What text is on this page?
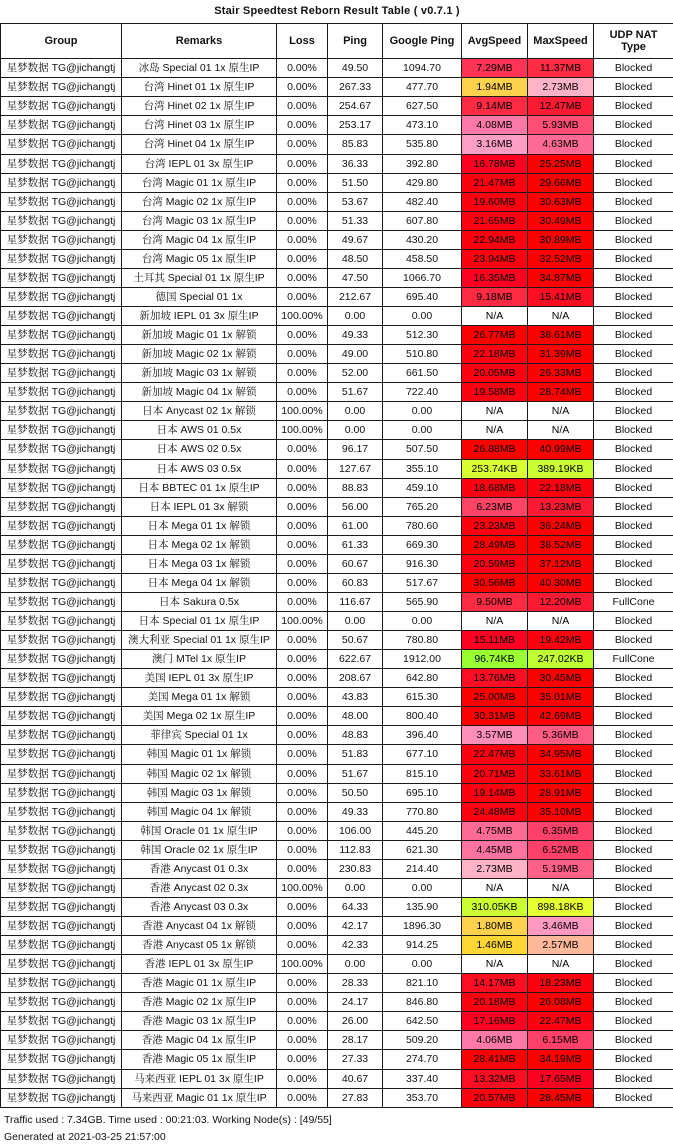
Stair Speedtest Reborn Result Table ( v0.7.1 )
Group	Remarks	Loss	Ping	Google Ping	AvgSpeed	MaxSpeed	UDP NAT Type
星梦数据 TG@jichangtj	冰岛 Special 01 1x 原生IP	0.00%	49.50	1094.70	7.29MB	11.37MB	Blocked
星梦数据 TG@jichangtj	台湾 Hinet 01 1x 原生IP	0.00%	267.33	477.70	1.94MB	2.73MB	Blocked
星梦数据 TG@jichangtj	台湾 Hinet 02 1x 原生IP	0.00%	254.67	627.50	9.14MB	12.47MB	Blocked
星梦数据 TG@jichangtj	台湾 Hinet 03 1x 原生IP	0.00%	253.17	473.10	4.08MB	5.93MB	Blocked
星梦数据 TG@jichangtj	台湾 Hinet 04 1x 原生IP	0.00%	85.83	535.80	3.16MB	4.63MB	Blocked
星梦数据 TG@jichangtj	台湾 IEPL 01 3x 原生IP	0.00%	36.33	392.80	16.78MB	25.25MB	Blocked
星梦数据 TG@jichangtj	台湾 Magic 01 1x 原生IP	0.00%	51.50	429.80	21.47MB	29.66MB	Blocked
星梦数据 TG@jichangtj	台湾 Magic 02 1x 原生IP	0.00%	53.67	482.40	19.60MB	30.63MB	Blocked
星梦数据 TG@jichangtj	台湾 Magic 03 1x 原生IP	0.00%	51.33	607.80	21.65MB	30.49MB	Blocked
星梦数据 TG@jichangtj	台湾 Magic 04 1x 原生IP	0.00%	49.67	430.20	22.94MB	30.89MB	Blocked
星梦数据 TG@jichangtj	台湾 Magic 05 1x 原生IP	0.00%	48.50	458.50	23.94MB	32.52MB	Blocked
星梦数据 TG@jichangtj	土耳其 Special 01 1x 原生IP	0.00%	47.50	1066.70	16.35MB	34.87MB	Blocked
星梦数据 TG@jichangtj	德国 Special 01 1x	0.00%	212.67	695.40	9.18MB	15.41MB	Blocked
星梦数据 TG@jichangtj	新加坡 IEPL 01 3x 原生IP	100.00%	0.00	0.00	N/A	N/A	Blocked
星梦数据 TG@jichangtj	新加坡 Magic 01 1x 解锁	0.00%	49.33	512.30	26.77MB	38.61MB	Blocked
星梦数据 TG@jichangtj	新加坡 Magic 02 1x 解锁	0.00%	49.00	510.80	22.18MB	31.39MB	Blocked
星梦数据 TG@jichangtj	新加坡 Magic 03 1x 解锁	0.00%	52.00	661.50	20.05MB	26.33MB	Blocked
星梦数据 TG@jichangtj	新加坡 Magic 04 1x 解锁	0.00%	51.67	722.40	19.58MB	28.74MB	Blocked
星梦数据 TG@jichangtj	日本 Anycast 02 1x 解锁	100.00%	0.00	0.00	N/A	N/A	Blocked
星梦数据 TG@jichangtj	日本 AWS 01 0.5x	100.00%	0.00	0.00	N/A	N/A	Blocked
星梦数据 TG@jichangtj	日本 AWS 02 0.5x	0.00%	96.17	507.50	26.88MB	40.99MB	Blocked
星梦数据 TG@jichangtj	日本 AWS 03 0.5x	0.00%	127.67	355.10	253.74KB	389.19KB	Blocked
星梦数据 TG@jichangtj	日本 BBTEC 01 1x 原生IP	0.00%	88.83	459.10	18.68MB	22.18MB	Blocked
星梦数据 TG@jichangtj	日本 IEPL 01 3x 解锁	0.00%	56.00	765.20	6.23MB	13.23MB	Blocked
星梦数据 TG@jichangtj	日本 Mega 01 1x 解锁	0.00%	61.00	780.60	23.23MB	36.24MB	Blocked
星梦数据 TG@jichangtj	日本 Mega 02 1x 解锁	0.00%	61.33	669.30	28.49MB	38.52MB	Blocked
星梦数据 TG@jichangtj	日本 Mega 03 1x 解锁	0.00%	60.67	916.30	20.59MB	37.12MB	Blocked
星梦数据 TG@jichangtj	日本 Mega 04 1x 解锁	0.00%	60.83	517.67	30.56MB	40.30MB	Blocked
星梦数据 TG@jichangtj	日本 Sakura 0.5x	0.00%	116.67	565.90	9.50MB	12.20MB	FullCone
星梦数据 TG@jichangtj	日本 Special 01 1x 原生IP	100.00%	0.00	0.00	N/A	N/A	Blocked
星梦数据 TG@jichangtj	澳大利亚 Special 01 1x 原生IP	0.00%	50.67	780.80	15.11MB	19.42MB	Blocked
星梦数据 TG@jichangtj	澳门 MTel 1x 原生IP	0.00%	622.67	1912.00	96.74KB	247.02KB	FullCone
星梦数据 TG@jichangtj	美国 IEPL 01 3x 原生IP	0.00%	208.67	642.80	13.76MB	30.45MB	Blocked
星梦数据 TG@jichangtj	美国 Mega 01 1x 解锁	0.00%	43.83	615.30	25.00MB	35.01MB	Blocked
星梦数据 TG@jichangtj	美国 Mega 02 1x 原生IP	0.00%	48.00	800.40	30.31MB	42.69MB	Blocked
星梦数据 TG@jichangtj	菲律宾 Special 01 1x	0.00%	48.83	396.40	3.57MB	5.36MB	Blocked
星梦数据 TG@jichangtj	韩国 Magic 01 1x 解锁	0.00%	51.83	677.10	22.47MB	34.95MB	Blocked
星梦数据 TG@jichangtj	韩国 Magic 02 1x 解锁	0.00%	51.67	815.10	20.71MB	33.61MB	Blocked
星梦数据 TG@jichangtj	韩国 Magic 03 1x 解锁	0.00%	50.50	695.10	19.14MB	28.91MB	Blocked
星梦数据 TG@jichangtj	韩国 Magic 04 1x 解锁	0.00%	49.33	770.80	24.48MB	35.10MB	Blocked
星梦数据 TG@jichangtj	韩国 Oracle 01 1x 原生IP	0.00%	106.00	445.20	4.75MB	6.35MB	Blocked
星梦数据 TG@jichangtj	韩国 Oracle 02 1x 原生IP	0.00%	112.83	621.30	4.45MB	6.52MB	Blocked
星梦数据 TG@jichangtj	香港 Anycast 01 0.3x	0.00%	230.83	214.40	2.73MB	5.19MB	Blocked
星梦数据 TG@jichangtj	香港 Anycast 02 0.3x	100.00%	0.00	0.00	N/A	N/A	Blocked
星梦数据 TG@jichangtj	香港 Anycast 03 0.3x	0.00%	64.33	135.90	310.05KB	898.18KB	Blocked
星梦数据 TG@jichangtj	香港 Anycast 04 1x 解锁	0.00%	42.17	1896.30	1.80MB	3.46MB	Blocked
星梦数据 TG@jichangtj	香港 Anycast 05 1x 解锁	0.00%	42.33	914.25	1.46MB	2.57MB	Blocked
星梦数据 TG@jichangtj	香港 IEPL 01 3x 原生IP	100.00%	0.00	0.00	N/A	N/A	Blocked
星梦数据 TG@jichangtj	香港 Magic 01 1x 原生IP	0.00%	28.33	821.10	14.17MB	18.23MB	Blocked
星梦数据 TG@jichangtj	香港 Magic 02 1x 原生IP	0.00%	24.17	846.80	20.18MB	26.08MB	Blocked
星梦数据 TG@jichangtj	香港 Magic 03 1x 原生IP	0.00%	26.00	642.50	17.16MB	22.47MB	Blocked
星梦数据 TG@jichangtj	香港 Magic 04 1x 原生IP	0.00%	28.17	509.20	4.06MB	6.15MB	Blocked
星梦数据 TG@jichangtj	香港 Magic 05 1x 原生IP	0.00%	27.33	274.70	28.41MB	34.19MB	Blocked
星梦数据 TG@jichangtj	马来西亚 IEPL 01 3x 原生IP	0.00%	40.67	337.40	13.32MB	17.65MB	Blocked
星梦数据 TG@jichangtj	马来西亚 Magic 01 1x 原生IP	0.00%	27.83	353.70	20.57MB	28.45MB	Blocked
Traffic used : 7.34GB. Time used : 00:21:03. Working Node(s) : [49/55]
Generated at 2021-03-25 21:57:00
